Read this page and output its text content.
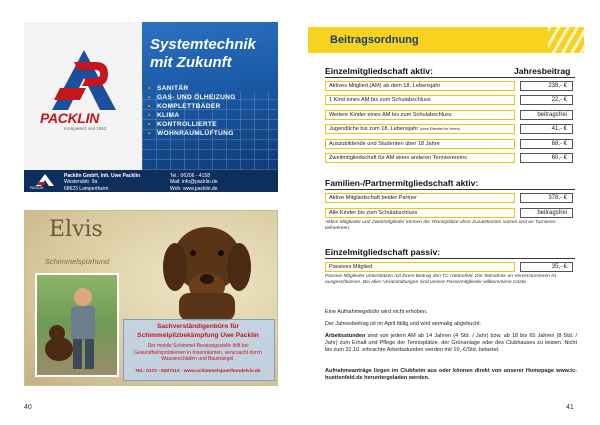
PACKLIN
Kompetenz seit 1963
Systemtechnik
mit Zukunft
• SANITÄR
• GAS- UND ÖLHEIZUNG
• KOMPLETTBÄDER
• KLIMA
• KONTROLLIERTE
• WOHNRAUMLÜFTUNG
PACKLIN
Packlin GmbH, Inh. Uwe Packlin
Westendstr. 9a
68623 Lampertheim
Tel.: 06206 - 4158
Mail: info@packlin.de
Web: www.packlin.de
Elvis
Schimmelspürhund
Sachverständigenbüro für Schimmelpilzbekämpfung Uwe Packlin
Der mobile Schimmel-Beratungsstelle hilft bei Gesundheitsproblemen in Innenräumen, verursacht durch Wasserschäden und Baumängel.
Tel.: 0172 - 6207113 · www.schimmelspuerhundelvis.de
40
Beitragsordnung
Einzelmitgliedschaft aktiv:	Jahresbeitrag
Aktives Mitglied (AM) ab dem 18. Lebensjahr	238,- €
1 Kind eines AM bis zum Schulabschluss	22,- €
Weitere Kinder eines AM bis zum Schulabschluss	beitragsfrei
Jugendliche bis zum 18. Lebensjahr (ohne Elternteil im Verein)	41,- €
Auszubildende und Studenten über 18 Jahre	68,- €
Zweitmitgliedschaft für AM eines anderen Tennisvereins	60,- €
Familien-/Partnermitgliedschaft aktiv:
Aktive Mitgliedschaft beider Partner	378,- €
Alle Kinder bis zum Schulabschluss	beitragsfrei
Aktive Mitglieder und Zweitmitglieder können die Tennisplätze ohne Zusatzkosten nutzen und an Turnieren teilnehmen.
Einzelmitgliedschaft passiv:
Passives Mitglied	35,- €
Passive Mitglieder unterstützen mit ihrem Beitrag den TC Hüttenfeld. Die Teilnahme an Vereinsturnieren ist ausgeschlossen. Bei allen Veranstaltungen sind unsere Passivmitglieder willkommene Gäste.
Eine Aufnahmegebühr wird nicht erhoben.
Der Jahresbeitrag ist im April fällig und wird einmalig abgebucht.
Arbeitsstunden sind von jedem AM ab 14 Jahren (4 Std. / Jahr) bzw. ab 18 bis 65 Jahren (8 Std. / Jahr) zum Erhalt und Pflege der Tennisplätze, der Grünanlage oder des Clubhauses zu leisten. Nicht bis zum 31.10. erbrachte Arbeitsstunden werden mit 10,-€/Std. belastet.
Aufnahmeanträge liegen im Clubheim aus oder können direkt von unserer Homepage www.tc-huettenfeld.de heruntergeladen werden.
41
